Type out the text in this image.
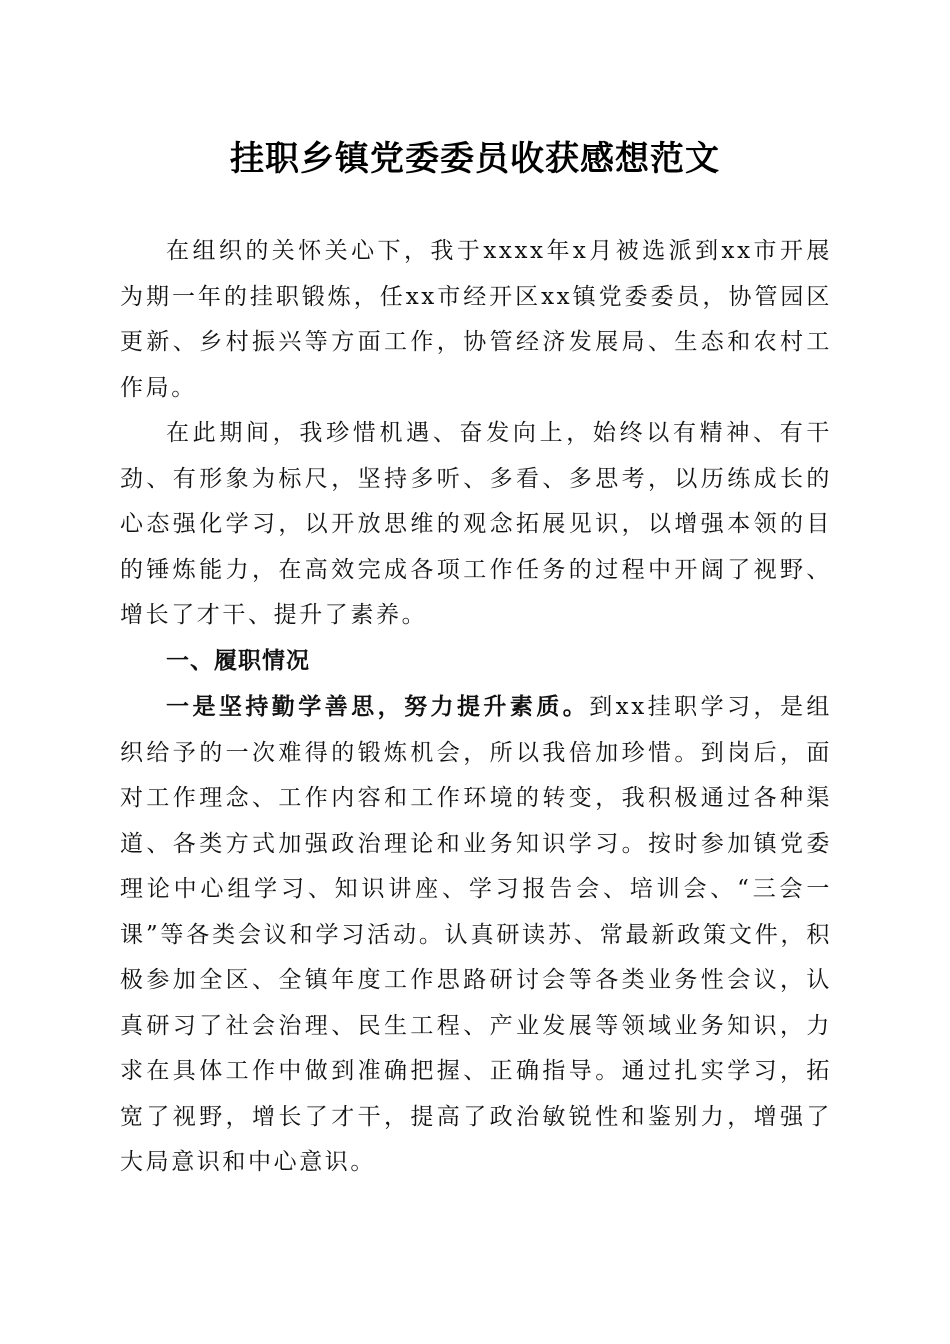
挂职乡镇党委委员收获感想范文

在组织的关怀关心下，我于xxxx年x月被选派到xx市开展为期一年的挂职锻炼，任xx市经开区xx镇党委委员，协管园区更新、乡村振兴等方面工作，协管经济发展局、生态和农村工作局。

在此期间，我珍惜机遇、奋发向上，始终以有精神、有干劲、有形象为标尺，坚持多听、多看、多思考，以历练成长的心态强化学习，以开放思维的观念拓展见识，以增强本领的目的锤炼能力，在高效完成各项工作任务的过程中开阔了视野、增长了才干、提升了素养。

一、履职情况

一是坚持勤学善思，努力提升素质。到xx挂职学习，是组织给予的一次难得的锻炼机会，所以我倍加珍惜。到岗后，面对工作理念、工作内容和工作环境的转变，我积极通过各种渠道、各类方式加强政治理论和业务知识学习。按时参加镇党委理论中心组学习、知识讲座、学习报告会、培训会、“三会一课”等各类会议和学习活动。认真研读苏、常最新政策文件，积极参加全区、全镇年度工作思路研讨会等各类业务性会议，认真研习了社会治理、民生工程、产业发展等领域业务知识，力求在具体工作中做到准确把握、正确指导。通过扎实学习，拓宽了视野，增长了才干，提高了政治敏锐性和鉴别力，增强了大局意识和中心意识。
